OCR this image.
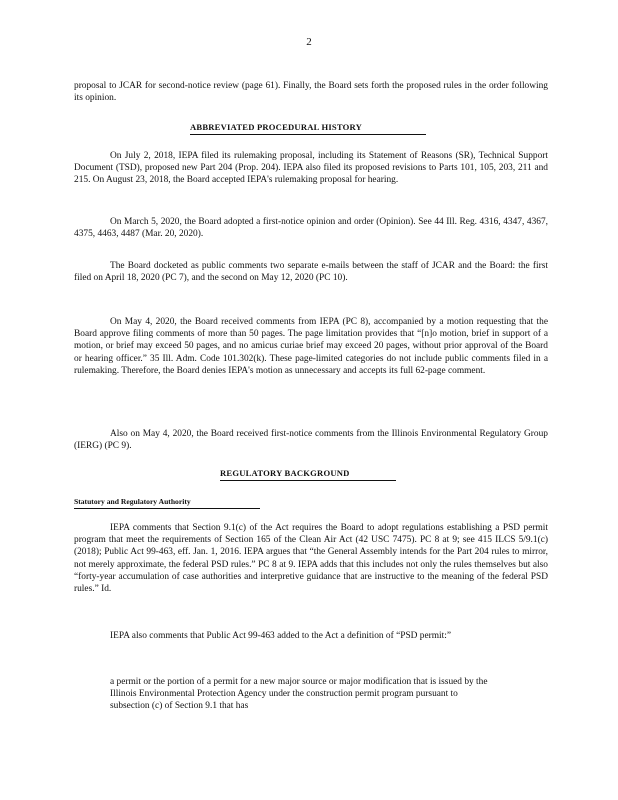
2

proposal to JCAR for second-notice review (page 61). Finally, the Board sets forth the proposed rules in the order following its opinion.

ABBREVIATED PROCEDURAL HISTORY

On July 2, 2018, IEPA filed its rulemaking proposal, including its Statement of Reasons (SR), Technical Support Document (TSD), proposed new Part 204 (Prop. 204). IEPA also filed its proposed revisions to Parts 101, 105, 203, 211 and 215. On August 23, 2018, the Board accepted IEPA's rulemaking proposal for hearing.

On March 5, 2020, the Board adopted a first-notice opinion and order (Opinion). See 44 Ill. Reg. 4316, 4347, 4367, 4375, 4463, 4487 (Mar. 20, 2020).

The Board docketed as public comments two separate e-mails between the staff of JCAR and the Board: the first filed on April 18, 2020 (PC 7), and the second on May 12, 2020 (PC 10).

On May 4, 2020, the Board received comments from IEPA (PC 8), accompanied by a motion requesting that the Board approve filing comments of more than 50 pages. The page limitation provides that “[n]o motion, brief in support of a motion, or brief may exceed 50 pages, and no amicus curiae brief may exceed 20 pages, without prior approval of the Board or hearing officer.” 35 Ill. Adm. Code 101.302(k). These page-limited categories do not include public comments filed in a rulemaking. Therefore, the Board denies IEPA's motion as unnecessary and accepts its full 62-page comment.

Also on May 4, 2020, the Board received first-notice comments from the Illinois Environmental Regulatory Group (IERG) (PC 9).

REGULATORY BACKGROUND
Statutory and Regulatory Authority

IEPA comments that Section 9.1(c) of the Act requires the Board to adopt regulations establishing a PSD permit program that meet the requirements of Section 165 of the Clean Air Act (42 USC 7475). PC 8 at 9; see 415 ILCS 5/9.1(c) (2018); Public Act 99-463, eff. Jan. 1, 2016. IEPA argues that “the General Assembly intends for the Part 204 rules to mirror, not merely approximate, the federal PSD rules.” PC 8 at 9. IEPA adds that this includes not only the rules themselves but also “forty-year accumulation of case authorities and interpretive guidance that are instructive to the meaning of the federal PSD rules.” Id.

IEPA also comments that Public Act 99-463 added to the Act a definition of “PSD permit:”

a permit or the portion of a permit for a new major source or major modification that is issued by the Illinois Environmental Protection Agency under the construction permit program pursuant to subsection (c) of Section 9.1 that has
